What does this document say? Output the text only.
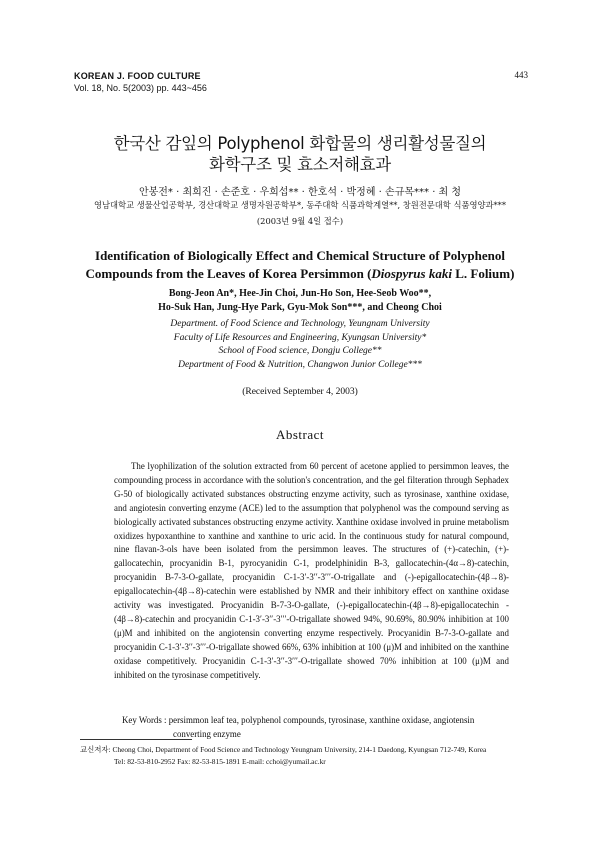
KOREAN J. FOOD CULTURE
Vol. 18, No. 5(2003) pp. 443~456
443
한국산 감잎의 Polyphenol 화합물의 생리활성물질의
화학구조 및 효소저해효과
안봉전* · 최희진 · 손준호 · 우희섭** · 한호석 · 박정혜 · 손규목*** · 최 청
영남대학교 생물산업공학부, 경산대학교 생명자원공학부*, 동주대학 식품과학계열**, 창원전문대학 식품영양과***
(2003년 9월 4일 접수)
Identification of Biologically Effect and Chemical Structure of Polyphenol
Compounds from the Leaves of Korea Persimmon (Diospyrus kaki L. Folium)
Bong-Jeon An*, Hee-Jin Choi, Jun-Ho Son, Hee-Seob Woo**,
Ho-Suk Han, Jung-Hye Park, Gyu-Mok Son***, and Cheong Choi
Department. of Food Science and Technology, Yeungnam University
Faculty of Life Resources and Engineering, Kyungsan University*
School of Food science, Dongju College**
Department of Food & Nutrition, Changwon Junior College***
(Received September 4, 2003)
Abstract
The lyophilization of the solution extracted from 60 percent of acetone applied to persimmon leaves, the compounding process in accordance with the solution's concentration, and the gel filteration through Sephadex G-50 of biologically activated substances obstructing enzyme activity, such as tyrosinase, xanthine oxidase, and angiotesin converting enzyme (ACE) led to the assumption that polyphenol was the compound serving as biologically activated substances obstructing enzyme activity. Xanthine oxidase involved in pruine metabolism oxidizes hypoxanthine to xanthine and xanthine to uric acid. In the continuous study for natural compound, nine flavan-3-ols have been isolated from the persimmon leaves. The structures of (+)-catechin, (+)-gallocatechin, procyanidin B-1, pyrocyanidin C-1, prodelphinidin B-3, gallocatechin-(4α→8)-catechin, procyanidin B-7-3-O-gallate, procyanidin C-1-3′-3′′-3′′′-O-trigallate and (-)-epigallocatechin-(4β→8)-epigallocatechin-(4β→8)-catechin were established by NMR and their inhibitory effect on xanthine oxidase activity was investigated. Procyanidin B-7-3-O-gallate, (-)-epigallocatechin-(4β→8)-epigallocatechin -(4β→8)-catechin and procyanidin C-1-3′-3′′-3′′′-O-trigallate showed 94%, 90.69%, 80.90% inhibition at 100 (μ)M and inhibited on the angiotensin converting enzyme respectively. Procyanidin B-7-3-O-gallate and procyanidin C-1-3′-3′′-3′′′-O-trigallate showed 66%, 63% inhibition at 100 (μ)M and inhibited on the xanthine oxidase competitively. Procyanidin C-1-3′-3′′-3′′′-O-trigallate showed 70% inhibition at 100 (μ)M and inhibited on the tyrosinase competitively.
Key Words : persimmon leaf tea, polyphenol compounds, tyrosinase, xanthine oxidase, angiotensin
converting enzyme
교신저자: Cheong Choi, Department of Food Science and Technology Yeungnam University, 214-1 Daedong, Kyungsan 712-749, Korea
Tel: 82-53-810-2952 Fax: 82-53-815-1891 E-mail: cchoi@yumail.ac.kr
